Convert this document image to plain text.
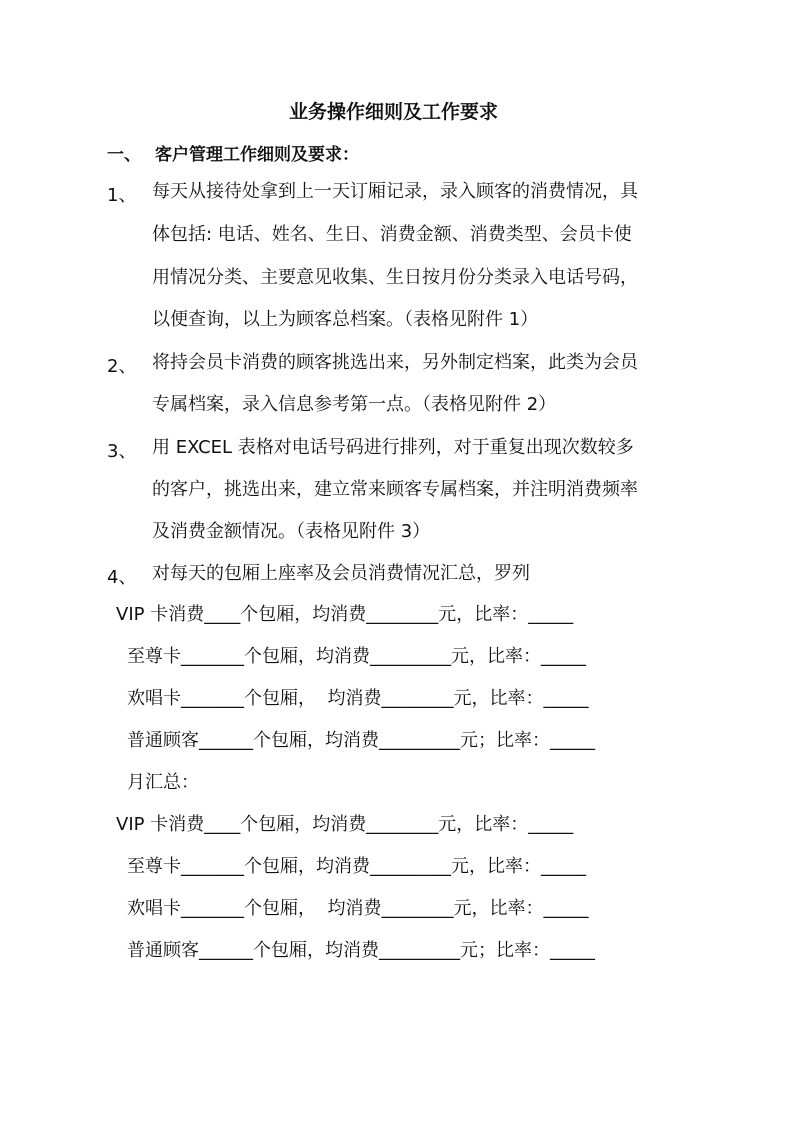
业务操作细则及工作要求
一、 客户管理工作细则及要求：
1、 每天从接待处拿到上一天订厢记录，录入顾客的消费情况，具
体包括: 电话、姓名、生日、消费金额、消费类型、会员卡使
用情况分类、主要意见收集、生日按月份分类录入电话号码，
以便查询，以上为顾客总档案。（表格见附件 1）
2、 将持会员卡消费的顾客挑选出来，另外制定档案，此类为会员
专属档案，录入信息参考第一点。（表格见附件 2）
3、 用 EXCEL 表格对电话号码进行排列，对于重复出现次数较多
的客户，挑选出来，建立常来顾客专属档案，并注明消费频率
及消费金额情况。（表格见附件 3）
4、 对每天的包厢上座率及会员消费情况汇总，罗列
VIP 卡消费____个包厢，均消费________元，比率：_____
至尊卡_______个包厢，均消费_________元，比率：_____
欢唱卡_______个包厢，  均消费________元，比率：_____
普通顾客______个包厢，均消费_________元；比率：_____
月汇总：
VIP 卡消费____个包厢，均消费________元，比率：_____
至尊卡_______个包厢，均消费_________元，比率：_____
欢唱卡_______个包厢，  均消费________元，比率：_____
普通顾客______个包厢，均消费_________元；比率：_____
